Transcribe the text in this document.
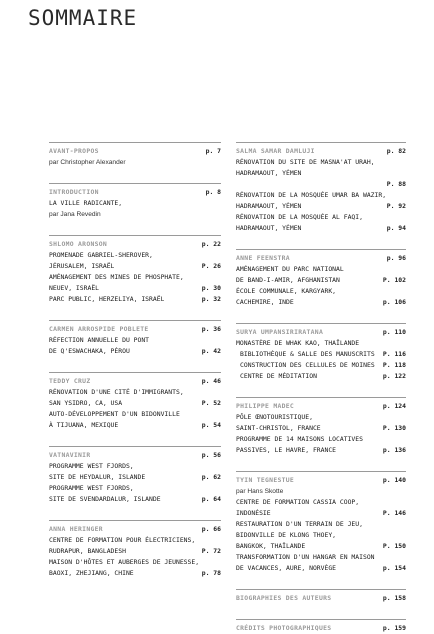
SOMMAIRE
AVANT-PROPOS	p. 7
par Christopher Alexander
INTRODUCTION	p. 8
LA VILLE RADICANTE,
par Jana Revedin
SHLOMO ARONSON	p. 22
PROMENADE GABRIEL-SHEROVER,
JÉRUSALEM, ISRAËL	P. 26
AMÉNAGEMENT DES MINES DE PHOSPHATE,
NEUEV, ISRAËL	p. 30
PARC PUBLIC, HERZELIYA, ISRAËL	p. 32
CARMEN ARROSPIDE POBLETE	p. 36
RÉFECTION ANNUELLE DU PONT
DE Q'ESWACHAKA, PÉROU	p. 42
TEDDY CRUZ	p. 46
RÉNOVATION D'UNE CITÉ D'IMMIGRANTS,
SAN YSIDRO, CA, USA	P. 52
AUTO-DÉVELOPPEMENT D'UN BIDONVILLE
À TIJUANA, MEXIQUE	p. 54
VATNAVINIR	p. 56
PROGRAMME WEST FJORDS,
SITE DE HEYDALUR, ISLANDE	p. 62
PROGRAMME WEST FJORDS,
SITE DE SVENDARDALUR, ISLANDE	p. 64
ANNA HERINGER	p. 66
CENTRE DE FORMATION POUR ÉLECTRICIENS,
RUDRAPUR, BANGLADESH	P. 72
MAISON D'HÔTES ET AUBERGES DE JEUNESSE,
BAOXI, ZHEJIANG, CHINE	p. 78
SALMA SAMAR DAMLUJI	p. 82
RÉNOVATION DU SITE DE MASNA'AT URAH,
HADRAMAOUT, YÉMEN
P. 88
RÉNOVATION DE LA MOSQUÉE UMAR BA WAZIR,
HADRAMAOUT, YÉMEN	P. 92
RÉNOVATION DE LA MOSQUÉE AL FAQI,
HADRAMAOUT, YÉMEN	p. 94
ANNE FEENSTRA	p. 96
AMÉNAGEMENT DU PARC NATIONAL
DE BAND-I-AMIR, AFGHANISTAN	P. 102
ÉCOLE COMMUNALE, KARGYARK,
CACHEMIRE, INDE	p. 106
SURYA UMPANSIRIRATANA	p. 110
MONASTÈRE DE WHAK KAO, THAÏLANDE
BIBLIOTHÈQUE & SALLE DES MANUSCRITS P. 116
CONSTRUCTION DES CELLULES DE MOINES P. 118
CENTRE DE MÉDITATION	p. 122
PHILIPPE MADEC	p. 124
PÔLE ŒNOTOURISTIQUE,
SAINT-CHRISTOL, FRANCE	P. 130
PROGRAMME DE 14 MAISONS LOCATIVES
PASSIVES, LE HAVRE, FRANCE	p. 136
TYIN TEGNESTUE	p. 140
par Hans Skotte
CENTRE DE FORMATION CASSIA COOP,
INDONÉSIE	P. 146
RESTAURATION D'UN TERRAIN DE JEU,
BIDONVILLE DE KLONG THOEY,
BANGKOK, THAÏLANDE	P. 150
TRANSFORMATION D'UN HANGAR EN MAISON
DE VACANCES, AURE, NORVÈGE	p. 154
BIOGRAPHIES DES AUTEURS	p. 158
CRÉDITS PHOTOGRAPHIQUES	p. 159
